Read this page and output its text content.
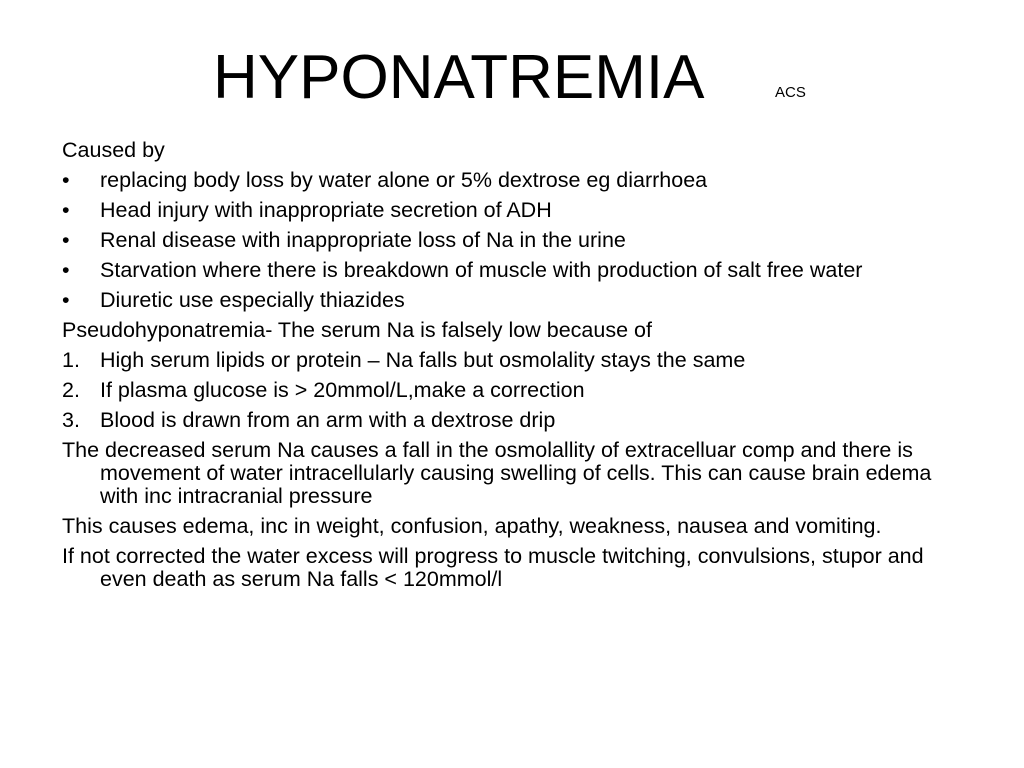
HYPONATREMIA	ACS
Caused by
•	replacing body loss by water alone or 5% dextrose eg diarrhoea
•	Head injury with inappropriate secretion of ADH
•	Renal disease with inappropriate loss of Na in the urine
•	Starvation where there is breakdown of muscle with production of salt free water
•	Diuretic use especially thiazides
Pseudohyponatremia- The serum Na is falsely low because of
1. High serum lipids or protein – Na falls but osmolality stays the same
2. If plasma glucose is > 20mmol/L,make a correction
3. Blood is drawn from an arm with a dextrose drip
The decreased serum Na causes a fall in the osmolallity of extracelluar comp and there is movement of water intracellularly causing swelling of cells. This can cause brain edema with inc intracranial pressure
This causes edema, inc in weight, confusion, apathy, weakness, nausea and vomiting.
If not corrected the water excess will progress to muscle twitching, convulsions, stupor and even death as serum Na falls < 120mmol/l
